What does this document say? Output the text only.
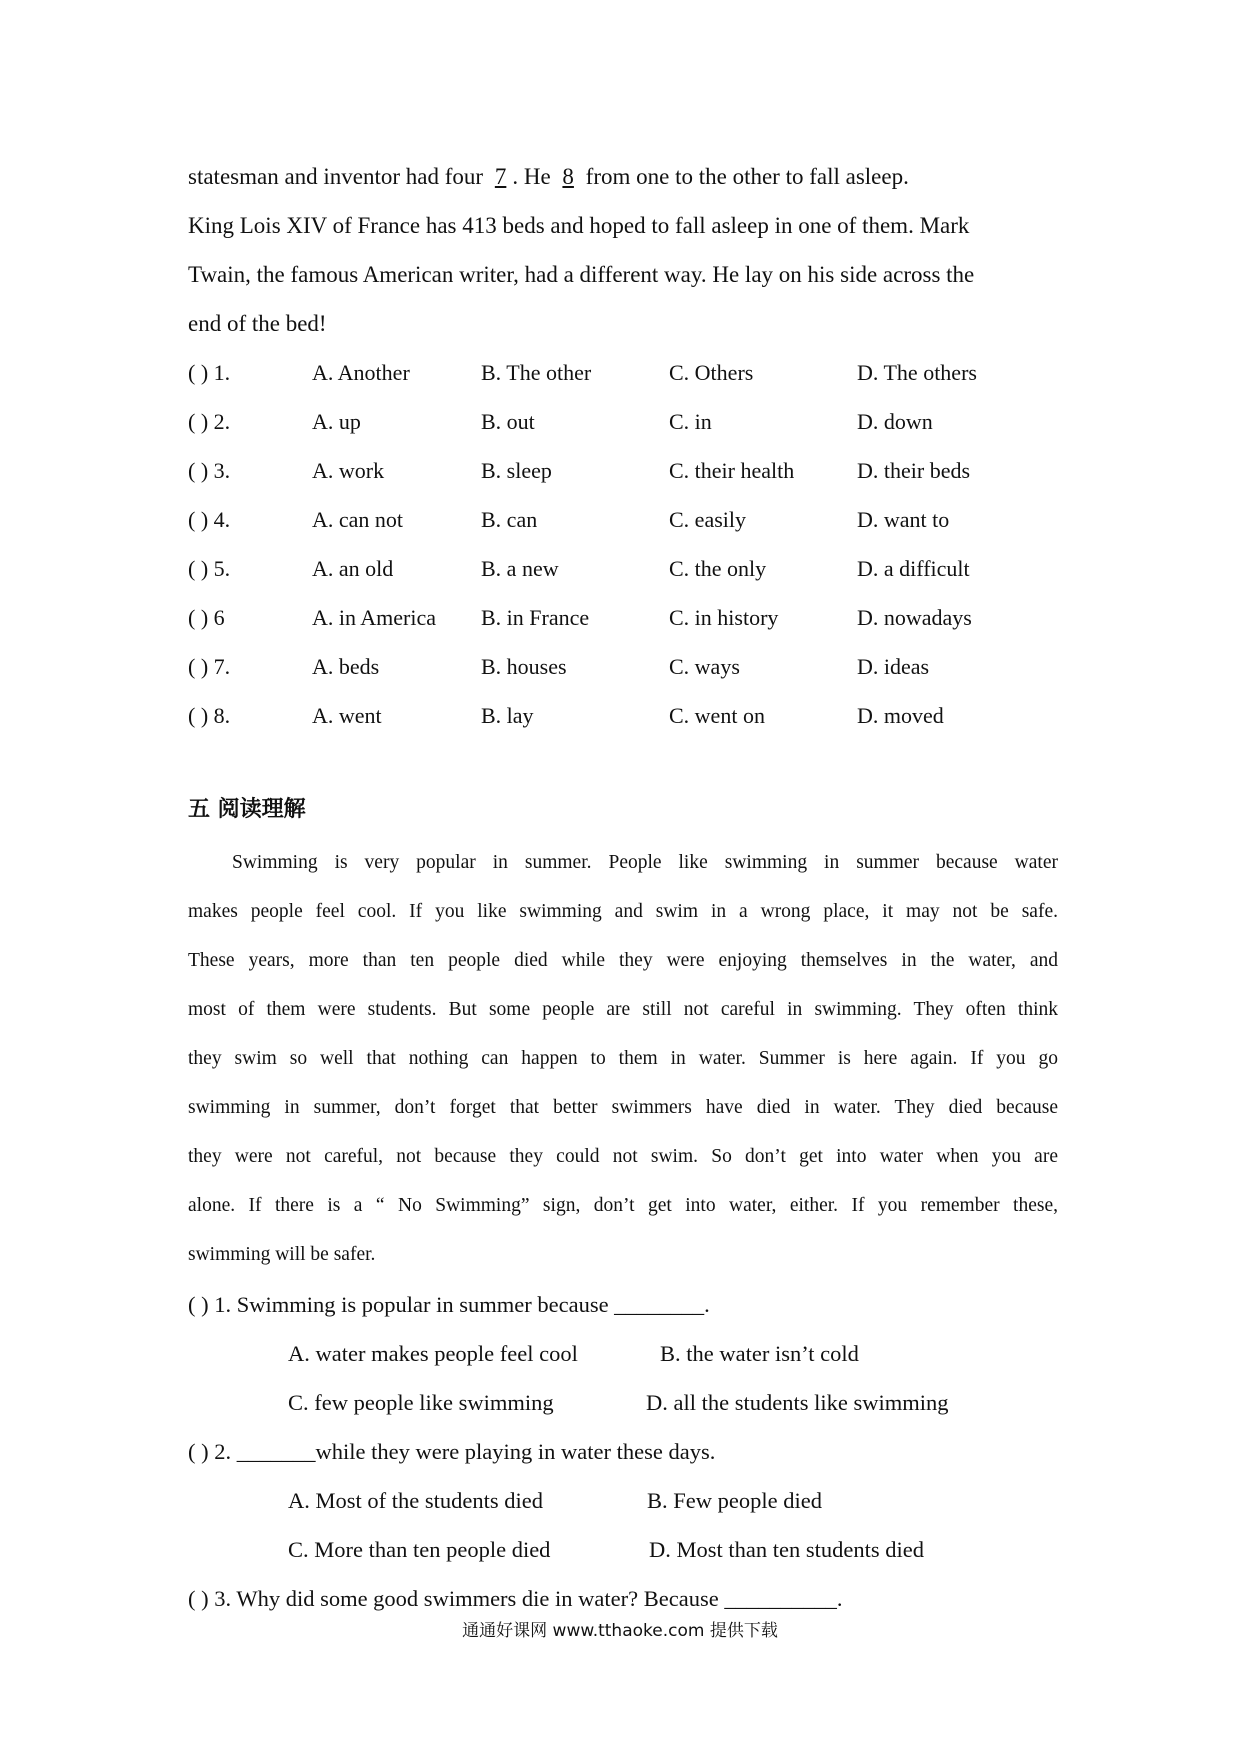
statesman and inventor had four 7 . He 8 from one to the other to fall asleep.
King Lois XIV of France has 413 beds and hoped to fall asleep in one of them. Mark
Twain, the famous American writer, had a different way. He lay on his side across the
end of the bed!
( ) 1.	A. Another	B. The other	C. Others	D. The others
( ) 2.	A. up	B. out	C. in	D. down
( ) 3.	A. work	B. sleep	C. their health	D. their beds
( ) 4.	A. can not	B. can	C. easily	D. want to
( ) 5.	A. an old	B. a new	C. the only	D. a difficult
( ) 6	A. in America B. in France	C. in history	D. nowadays
( ) 7.	A. beds	B. houses	C. ways	D. ideas
( ) 8.	A. went	B. lay	C. went on	D. moved
五 阅读理解
Swimming is very popular in summer. People like swimming in summer because water
makes people feel cool. If you like swimming and swim in a wrong place, it may not be safe.
These years, more than ten people died while they were enjoying themselves in the water, and
most of them were students. But some people are still not careful in swimming. They often think
they swim so well that nothing can happen to them in water. Summer is here again. If you go
swimming in summer, don’t forget that better swimmers have died in water. They died because
they were not careful, not because they could not swim. So don’t get into water when you are
alone. If there is a “ No Swimming” sign, don’t get into water, either. If you remember these,
swimming will be safer.
( ) 1. Swimming is popular in summer because ________.
A. water makes people feel cool	B. the water isn’t cold
C. few people like swimming	D. all the students like swimming
( ) 2. _______while they were playing in water these days.
A. Most of the students died	B. Few people died
C. More than ten people died	D. Most than ten students died
( ) 3. Why did some good swimmers die in water? Because __________.
通通好课网 www.tthaoke.com 提供下载
